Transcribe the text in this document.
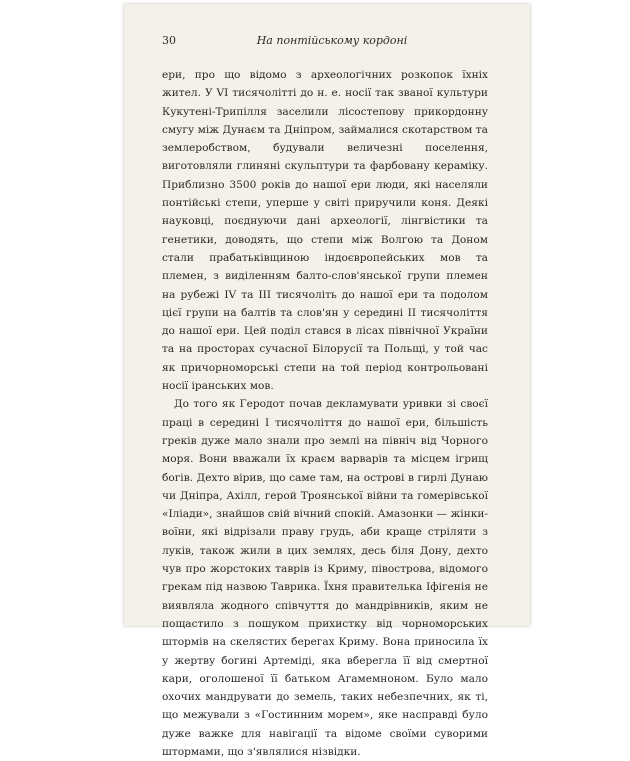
30	На понтійському кордоні

ери, про що відомо з археологічних розкопок їхніх жител. У VI тисячолітті до н. е. носії так званої культури Кукутені-Трипілля заселили лісостепову прикордонну смугу між Дунаєм та Дніпром, займалися скотарством та землеробством, будували величезні поселення, виготовляли глиняні скульптури та фарбовану кераміку. Приблизно 3500 років до нашої ери люди, які населяли понтійські степи, уперше у світі приручили коня. Деякі науковці, поєднуючи дані археології, лінгвістики та генетики, доводять, що степи між Волгою та Доном стали прабатьківщиною індоєвропейських мов та племен, з виділенням балто-слов'янської групи племен на рубежі IV та III тисячоліть до нашої ери та подолом цієї групи на балтів та слов'ян у середині II тисячоліття до нашої ери. Цей поділ стався в лісах північної України та на просторах сучасної Білорусії та Польщі, у той час як причорноморські степи на той період контрольовані носії іранських мов.

До того як Геродот почав декламувати уривки зі своєї праці в середині I тисячоліття до нашої ери, більшість греків дуже мало знали про землі на північ від Чорного моря. Вони вважали їх краєм варварів та місцем ігрищ богів. Дехто вірив, що саме там, на острові в гирлі Дунаю чи Дніпра, Ахілл, герой Троянської війни та гомерівської «Іліади», знайшов свій вічний спокій. Амазонки — жінки-воїни, які відрізали праву грудь, аби краще стріляти з луків, також жили в цих землях, десь біля Дону, дехто чув про жорстоких таврів із Криму, півострова, відомого грекам під назвою Таврика. Їхня правителька Іфігенія не виявляла жодного співчуття до мандрівників, яким не пощастило з пошуком прихистку від чорноморських штормів на скелястих берегах Криму. Вона приносила їх у жертву богині Артеміді, яка вберегла її від смертної кари, оголошеної її батьком Агамемноном. Було мало охочих мандрувати до земель, таких небезпечних, як ті, що межували з «Гостинним морем», яке насправді було дуже важке для навігації та відоме своїми суворими штормами, що з'являлися нізвідки.
